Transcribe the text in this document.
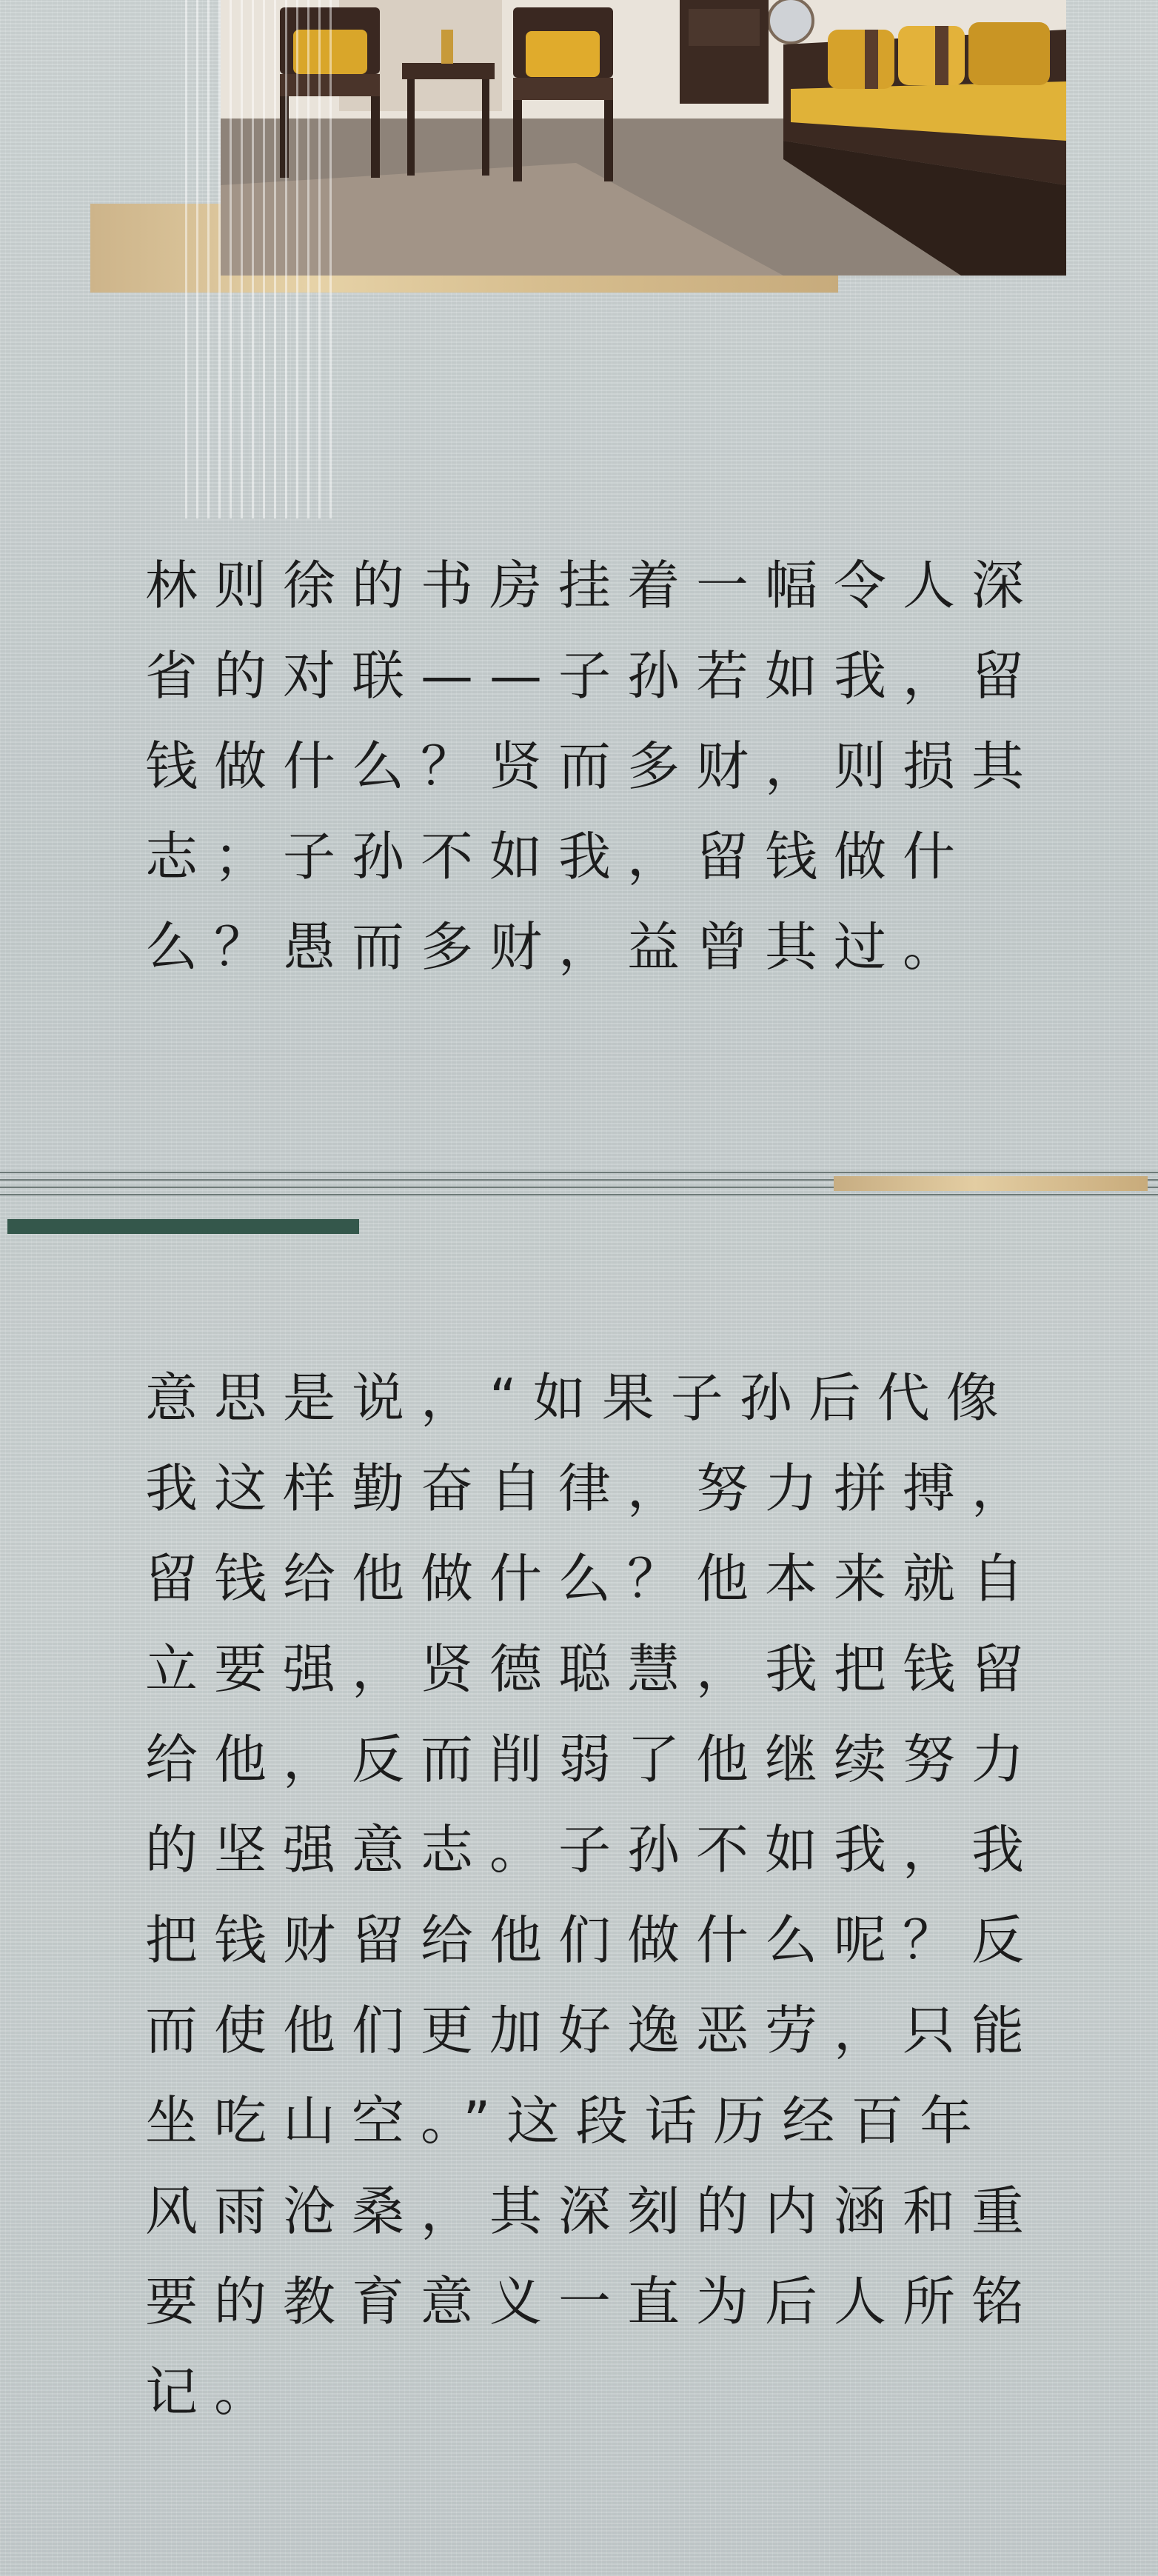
林则徐的书房挂着一幅令人深
省的对联——子孙若如我，留
钱做什么？贤而多财，则损其
志；子孙不如我，留钱做什
么？愚而多财，益曾其过。

意思是说，“如果子孙后代像
我这样勤奋自律，努力拼搏，
留钱给他做什么？他本来就自
立要强，贤德聪慧，我把钱留
给他，反而削弱了他继续努力
的坚强意志。子孙不如我，我
把钱财留给他们做什么呢？反
而使他们更加好逸恶劳，只能
坐吃山空。”这段话历经百年
风雨沧桑，其深刻的内涵和重
要的教育意义一直为后人所铭
记。
